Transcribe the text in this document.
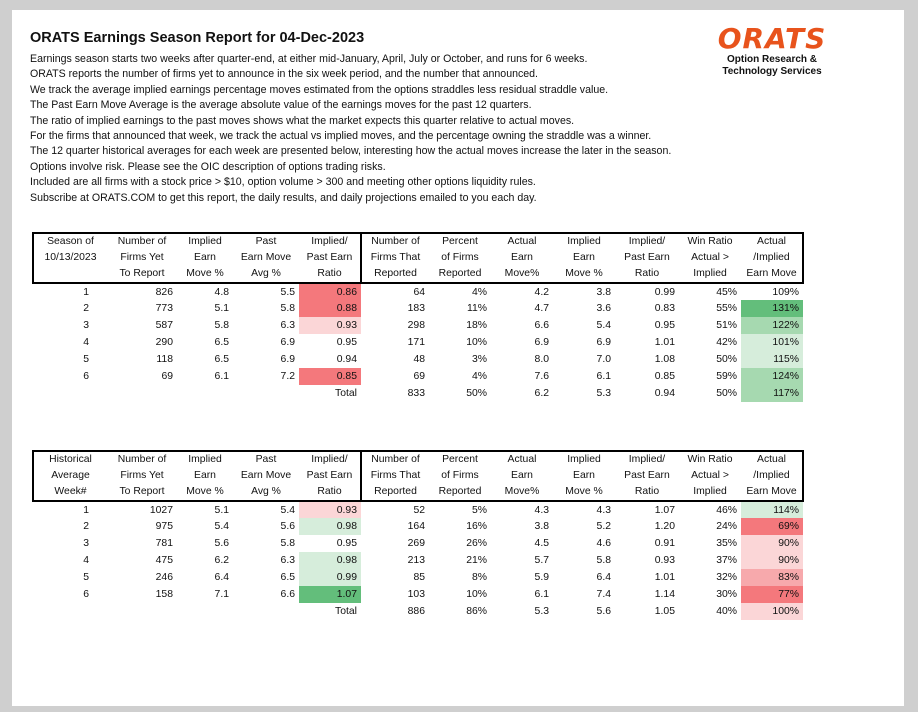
ORATS Earnings Season Report for 04-Dec-2023

Earnings season starts two weeks after quarter-end, at either mid-January, April, July or October, and runs for 6 weeks.

ORATS reports the number of firms yet to announce in the six week period, and the number that announced.

We track the average implied earnings percentage moves estimated from the options straddles less residual straddle value.

The Past Earn Move Average is the average absolute value of the earnings moves for the past 12 quarters.

The ratio of implied earnings to the past moves shows what the market expects this quarter relative to actual moves.

For the firms that announced that week, we track the actual vs implied moves, and the percentage owning the straddle was a winner.

The 12 quarter historical averages for each week are presented below, interesting how the actual moves increase the later in the season.

Options involve risk. Please see the OIC description of options trading risks.

Included are all firms with a stock price > $10, option volume > 300 and meeting other options liquidity rules.

Subscribe at ORATS.COM to get this report, the daily results, and daily projections emailed to you each day.

ORATS
Option Research &
Technology Services
Season of	Number of	Implied	Past	Implied/	Number of	Percent	Actual	Implied	Implied/	Win Ratio	Actual
10/13/2023	Firms Yet	Earn	Earn Move	Past Earn	Firms That	of Firms	Earn	Earn	Past Earn	Actual >	/Implied
	To Report	Move %	Avg %	Ratio	Reported	Reported	Move%	Move %	Ratio	Implied	Earn Move
1	826	4.8	5.5	0.86	64	4%	4.2	3.8	0.99	45%	109%
2	773	5.1	5.8	0.88	183	11%	4.7	3.6	0.83	55%	131%
3	587	5.8	6.3	0.93	298	18%	6.6	5.4	0.95	51%	122%
4	290	6.5	6.9	0.95	171	10%	6.9	6.9	1.01	42%	101%
5	118	6.5	6.9	0.94	48	3%	8.0	7.0	1.08	50%	115%
6	69	6.1	7.2	0.85	69	4%	7.6	6.1	0.85	59%	124%
				Total	833	50%	6.2	5.3	0.94	50%	117%
Historical	Number of	Implied	Past	Implied/	Number of	Percent	Actual	Implied	Implied/	Win Ratio	Actual
Average	Firms Yet	Earn	Earn Move	Past Earn	Firms That	of Firms	Earn	Earn	Past Earn	Actual >	/Implied
Week#	To Report	Move %	Avg %	Ratio	Reported	Reported	Move%	Move %	Ratio	Implied	Earn Move
1	1027	5.1	5.4	0.93	52	5%	4.3	4.3	1.07	46%	114%
2	975	5.4	5.6	0.98	164	16%	3.8	5.2	1.20	24%	69%
3	781	5.6	5.8	0.95	269	26%	4.5	4.6	0.91	35%	90%
4	475	6.2	6.3	0.98	213	21%	5.7	5.8	0.93	37%	90%
5	246	6.4	6.5	0.99	85	8%	5.9	6.4	1.01	32%	83%
6	158	7.1	6.6	1.07	103	10%	6.1	7.4	1.14	30%	77%
				Total	886	86%	5.3	5.6	1.05	40%	100%
